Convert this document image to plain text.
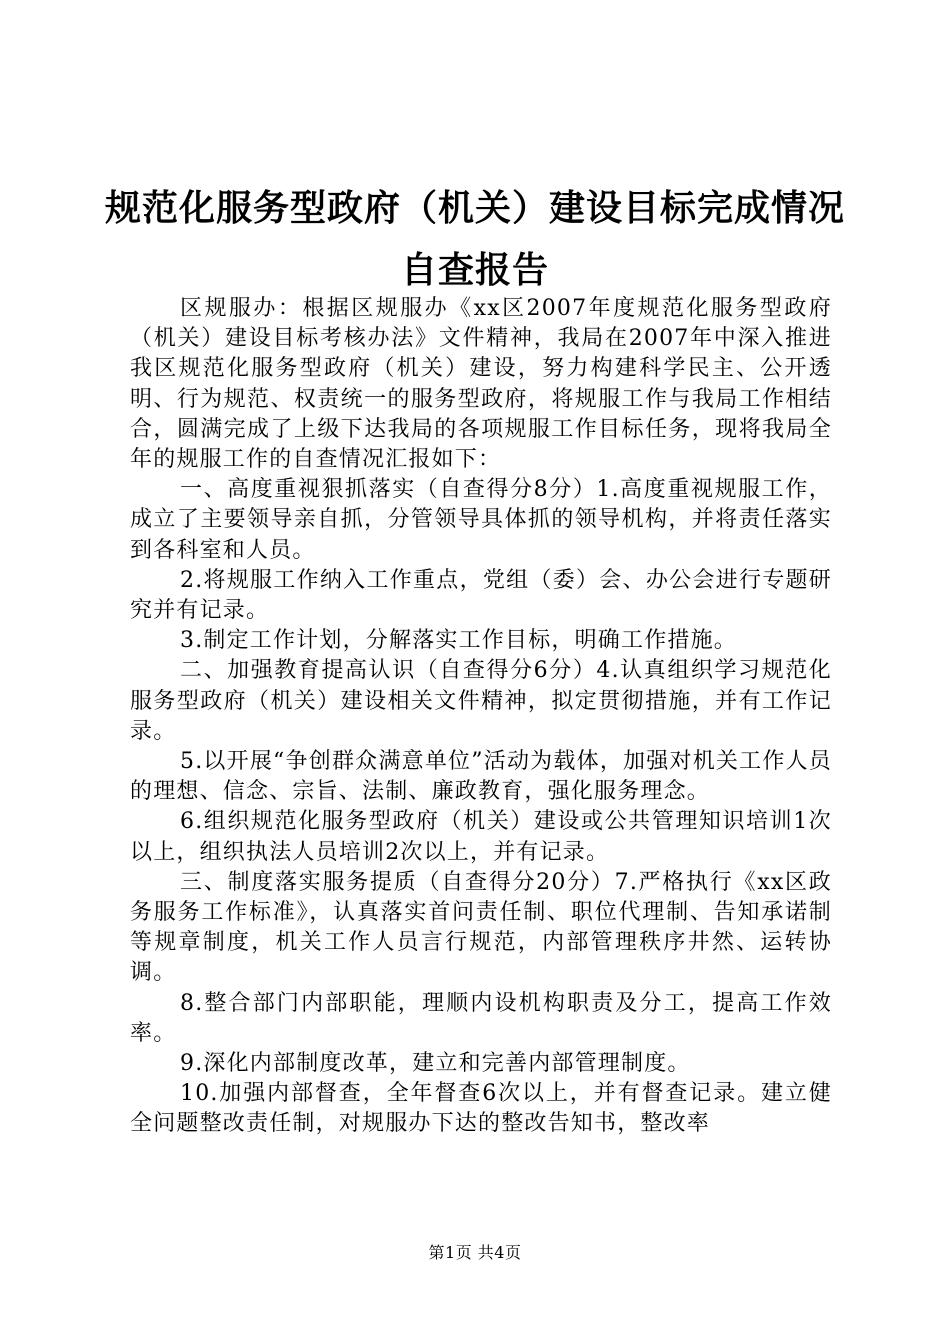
规范化服务型政府（机关）建设目标完成情况
自查报告

区规服办：根据区规服办《xx区2007年度规范化服务型政府（机关）建设目标考核办法》文件精神，我局在2007年中深入推进我区规范化服务型政府（机关）建设，努力构建科学民主、公开透明、行为规范、权责统一的服务型政府，将规服工作与我局工作相结合，圆满完成了上级下达我局的各项规服工作目标任务，现将我局全年的规服工作的自查情况汇报如下：

一、高度重视狠抓落实（自查得分8分）1.高度重视规服工作，成立了主要领导亲自抓，分管领导具体抓的领导机构，并将责任落实到各科室和人员。

2.将规服工作纳入工作重点，党组（委）会、办公会进行专题研究并有记录。

3.制定工作计划，分解落实工作目标，明确工作措施。

二、加强教育提高认识（自查得分6分）4.认真组织学习规范化服务型政府（机关）建设相关文件精神，拟定贯彻措施，并有工作记录。

5.以开展“争创群众满意单位”活动为载体，加强对机关工作人员的理想、信念、宗旨、法制、廉政教育，强化服务理念。

6.组织规范化服务型政府（机关）建设或公共管理知识培训1次以上，组织执法人员培训2次以上，并有记录。

三、制度落实服务提质（自查得分20分）7.严格执行《xx区政务服务工作标准》，认真落实首问责任制、职位代理制、告知承诺制等规章制度，机关工作人员言行规范，内部管理秩序井然、运转协调。

8.整合部门内部职能，理顺内设机构职责及分工，提高工作效率。

9.深化内部制度改革，建立和完善内部管理制度。

10.加强内部督查，全年督查6次以上，并有督查记录。建立健全问题整改责任制，对规服办下达的整改告知书，整改率

第1页 共4页
